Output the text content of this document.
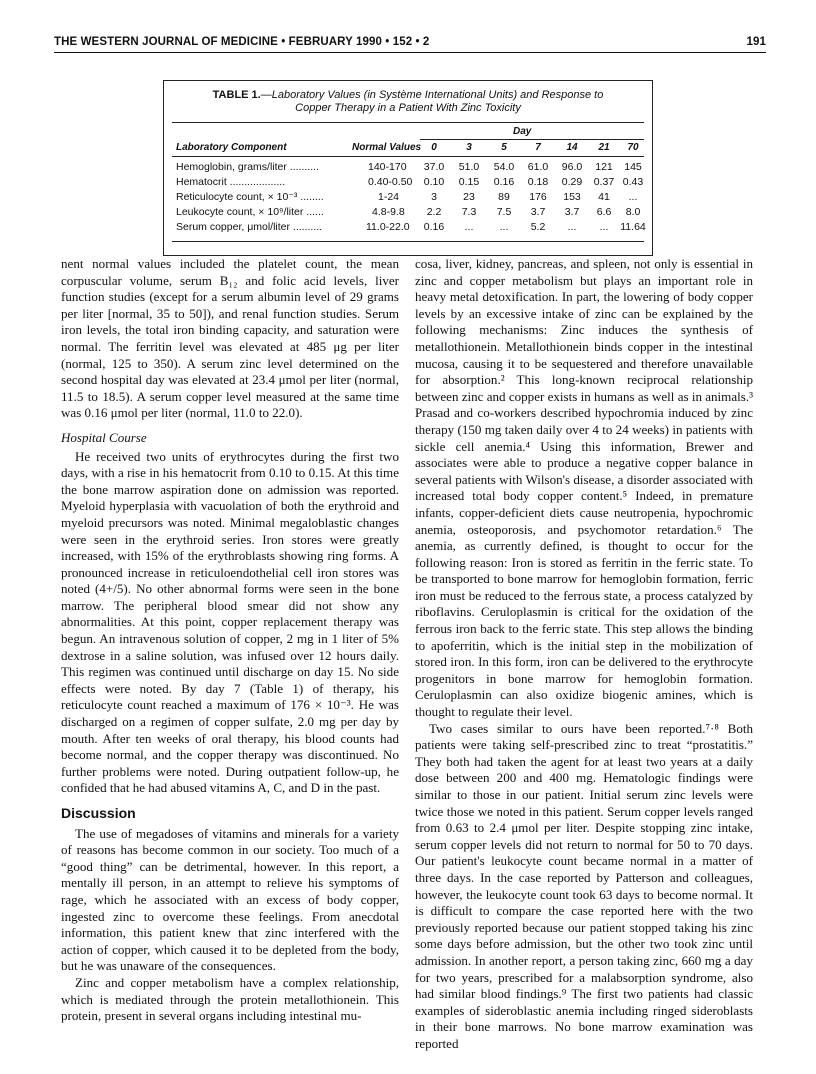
THE WESTERN JOURNAL OF MEDICINE • FEBRUARY 1990 • 152 • 2	191
TABLE 1.—Laboratory Values (in Système International Units) and Response to
Copper Therapy in a Patient With Zinc Toxicity
Day
Laboratory Component	Normal Values	0	3	5	7	14	21	70
Hemoglobin, grams/liter ..........	140-170	37.0	51.0	54.0	61.0	96.0	121	145
Hematocrit ...................	0.40-0.50	0.10	0.15	0.16	0.18	0.29	0.37 0.43
Reticulocyte count, × 10⁻³ ........	1-24	3	23	89	176	153	41	...
Leukocyte count, × 10⁹/liter ......	4.8-9.8	2.2	7.3	7.5	3.7	3.7	6.6	8.0
Serum copper, μmol/liter ..........	11.0-22.0	0.16	...	...	5.2	...	...	11.64

nent normal values included the platelet count, the mean corpuscular volume, serum B₁₂ and folic acid levels, liver function studies (except for a serum albumin level of 29 grams per liter [normal, 35 to 50]), and renal function studies. Serum iron levels, the total iron binding capacity, and saturation were normal. The ferritin level was elevated at 485 μg per liter (normal, 125 to 350). A serum zinc level determined on the second hospital day was elevated at 23.4 μmol per liter (normal, 11.5 to 18.5). A serum copper level measured at the same time was 0.16 μmol per liter (normal, 11.0 to 22.0).

Hospital Course

He received two units of erythrocytes during the first two days, with a rise in his hematocrit from 0.10 to 0.15. At this time the bone marrow aspiration done on admission was reported. Myeloid hyperplasia with vacuolation of both the erythroid and myeloid precursors was noted. Minimal megaloblastic changes were seen in the erythroid series. Iron stores were greatly increased, with 15% of the erythroblasts showing ring forms. A pronounced increase in reticuloendothelial cell iron stores was noted (4+/5). No other abnormal forms were seen in the bone marrow. The peripheral blood smear did not show any abnormalities. At this point, copper replacement therapy was begun. An intravenous solution of copper, 2 mg in 1 liter of 5% dextrose in a saline solution, was infused over 12 hours daily. This regimen was continued until discharge on day 15. No side effects were noted. By day 7 (Table 1) of therapy, his reticulocyte count reached a maximum of 176 × 10⁻³. He was discharged on a regimen of copper sulfate, 2.0 mg per day by mouth. After ten weeks of oral therapy, his blood counts had become normal, and the copper therapy was discontinued. No further problems were noted. During outpatient follow-up, he confided that he had abused vitamins A, C, and D in the past.

Discussion

The use of megadoses of vitamins and minerals for a variety of reasons has become common in our society. Too much of a “good thing” can be detrimental, however. In this report, a mentally ill person, in an attempt to relieve his symptoms of rage, which he associated with an excess of body copper, ingested zinc to overcome these feelings. From anecdotal information, this patient knew that zinc interfered with the action of copper, which caused it to be depleted from the body, but he was unaware of the consequences.

Zinc and copper metabolism have a complex relationship, which is mediated through the protein metallothionein. This protein, present in several organs including intestinal mu-

cosa, liver, kidney, pancreas, and spleen, not only is essential in zinc and copper metabolism but plays an important role in heavy metal detoxification. In part, the lowering of body copper levels by an excessive intake of zinc can be explained by the following mechanisms: Zinc induces the synthesis of metallothionein. Metallothionein binds copper in the intestinal mucosa, causing it to be sequestered and therefore unavailable for absorption.² This long-known reciprocal relationship between zinc and copper exists in humans as well as in animals.³ Prasad and co-workers described hypochromia induced by zinc therapy (150 mg taken daily over 4 to 24 weeks) in patients with sickle cell anemia.⁴ Using this information, Brewer and associates were able to produce a negative copper balance in several patients with Wilson's disease, a disorder associated with increased total body copper content.⁵ Indeed, in premature infants, copper-deficient diets cause neutropenia, hypochromic anemia, osteoporosis, and psychomotor retardation.⁶ The anemia, as currently defined, is thought to occur for the following reason: Iron is stored as ferritin in the ferric state. To be transported to bone marrow for hemoglobin formation, ferric iron must be reduced to the ferrous state, a process catalyzed by riboflavins. Ceruloplasmin is critical for the oxidation of the ferrous iron back to the ferric state. This step allows the binding to apoferritin, which is the initial step in the mobilization of stored iron. In this form, iron can be delivered to the erythrocyte progenitors in bone marrow for hemoglobin formation. Ceruloplasmin can also oxidize biogenic amines, which is thought to regulate their level.

Two cases similar to ours have been reported.⁷·⁸ Both patients were taking self-prescribed zinc to treat “prostatitis.” They both had taken the agent for at least two years at a daily dose between 200 and 400 mg. Hematologic findings were similar to those in our patient. Initial serum zinc levels were twice those we noted in this patient. Serum copper levels ranged from 0.63 to 2.4 μmol per liter. Despite stopping zinc intake, serum copper levels did not return to normal for 50 to 70 days. Our patient's leukocyte count became normal in a matter of three days. In the case reported by Patterson and colleagues, however, the leukocyte count took 63 days to become normal. It is difficult to compare the case reported here with the two previously reported because our patient stopped taking his zinc some days before admission, but the other two took zinc until admission. In another report, a person taking zinc, 660 mg a day for two years, prescribed for a malabsorption syndrome, also had similar blood findings.⁹ The first two patients had classic examples of sideroblastic anemia including ringed sideroblasts in their bone marrows. No bone marrow examination was reported
